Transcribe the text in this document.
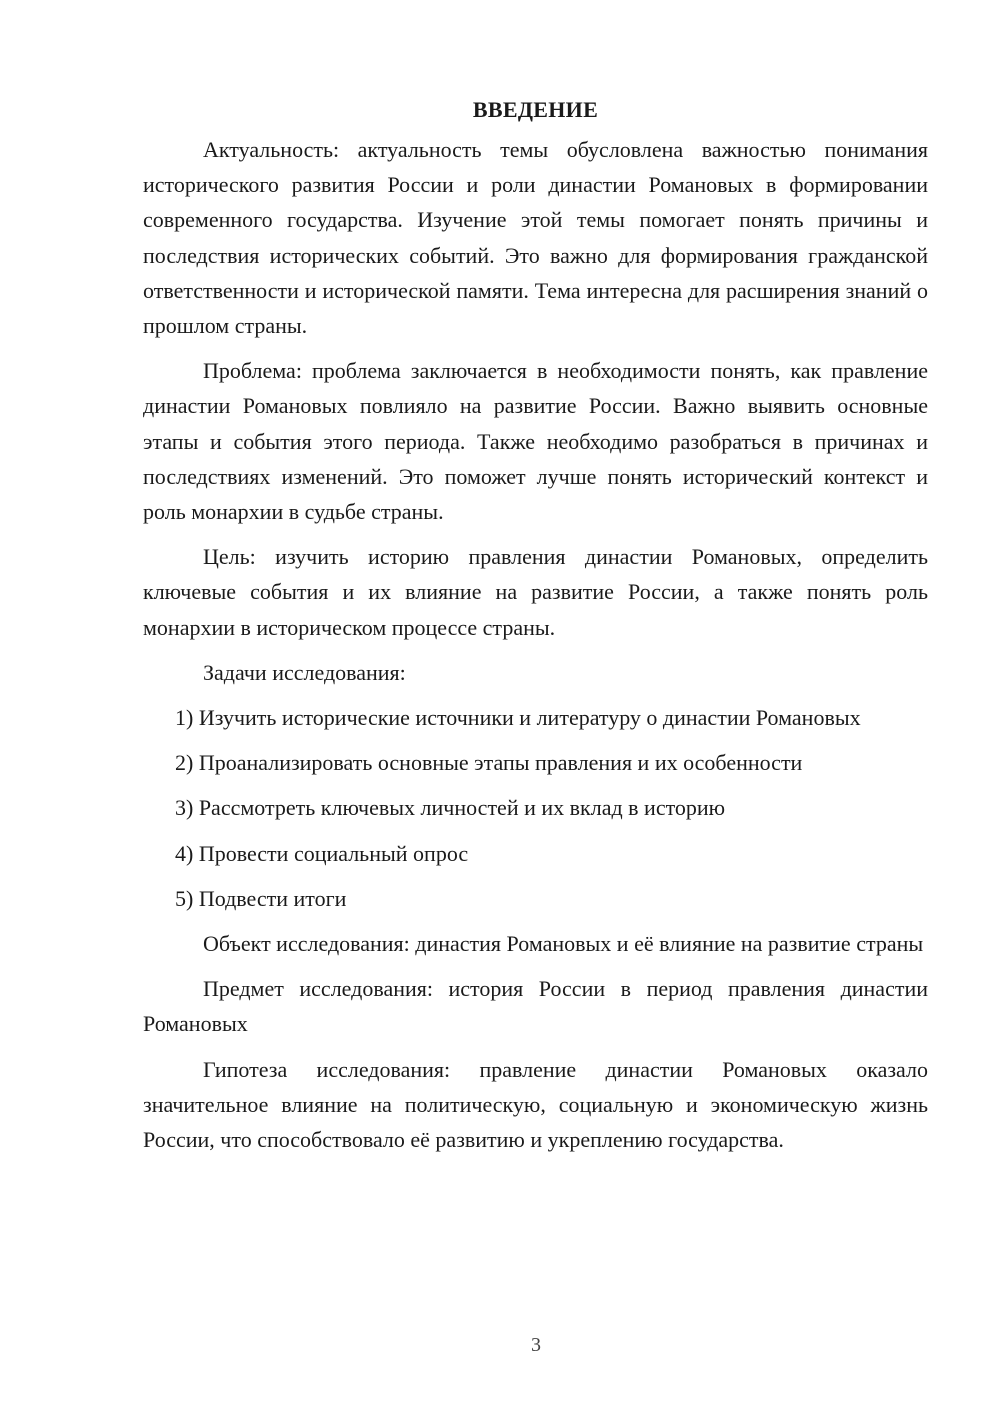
ВВЕДЕНИЕ

Актуальность: актуальность темы обусловлена важностью понимания исторического развития России и роли династии Романовых в формировании современного государства. Изучение этой темы помогает понять причины и последствия исторических событий. Это важно для формирования гражданской ответственности и исторической памяти. Тема интересна для расширения знаний о прошлом страны.

Проблема: проблема заключается в необходимости понять, как правление династии Романовых повлияло на развитие России. Важно выявить основные этапы и события этого периода. Также необходимо разобраться в причинах и последствиях изменений. Это поможет лучше понять исторический контекст и роль монархии в судьбе страны.

Цель: изучить историю правления династии Романовых, определить ключевые события и их влияние на развитие России, а также понять роль монархии в историческом процессе страны.

Задачи исследования:

1) Изучить исторические источники и литературу о династии Романовых
2) Проанализировать основные этапы правления и их особенности
3) Рассмотреть ключевых личностей и их вклад в историю
4) Провести социальный опрос
5) Подвести итоги

Объект исследования: династия Романовых и её влияние на развитие страны

Предмет исследования: история России в период правления династии Романовых

Гипотеза исследования: правление династии Романовых оказало значительное влияние на политическую, социальную и экономическую жизнь России, что способствовало её развитию и укреплению государства.

3
